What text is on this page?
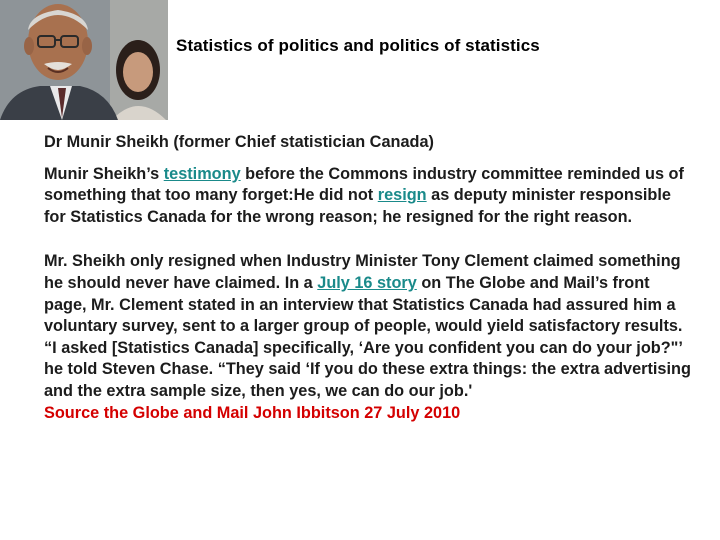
Statistics of politics and politics of statistics

Dr Munir Sheikh (former Chief statistician Canada)

Munir Sheikh’s testimony before the Commons industry committee reminded us of something that too many forget:He did not resign as deputy minister responsible for Statistics Canada for the wrong reason; he resigned for the right reason.

Mr. Sheikh only resigned when Industry Minister Tony Clement claimed something he should never have claimed. In a July 16 story on The Globe and Mail’s front page, Mr. Clement stated in an interview that Statistics Canada had assured him a voluntary survey, sent to a larger group of people, would yield satisfactory results.

“I asked [Statistics Canada] specifically, ‘Are you confident you can do your job?"’ he told Steven Chase. “They said ‘If you do these extra things: the extra advertising and the extra sample size, then yes, we can do our job.'

Source the Globe and Mail John Ibbitson 27 July 2010
